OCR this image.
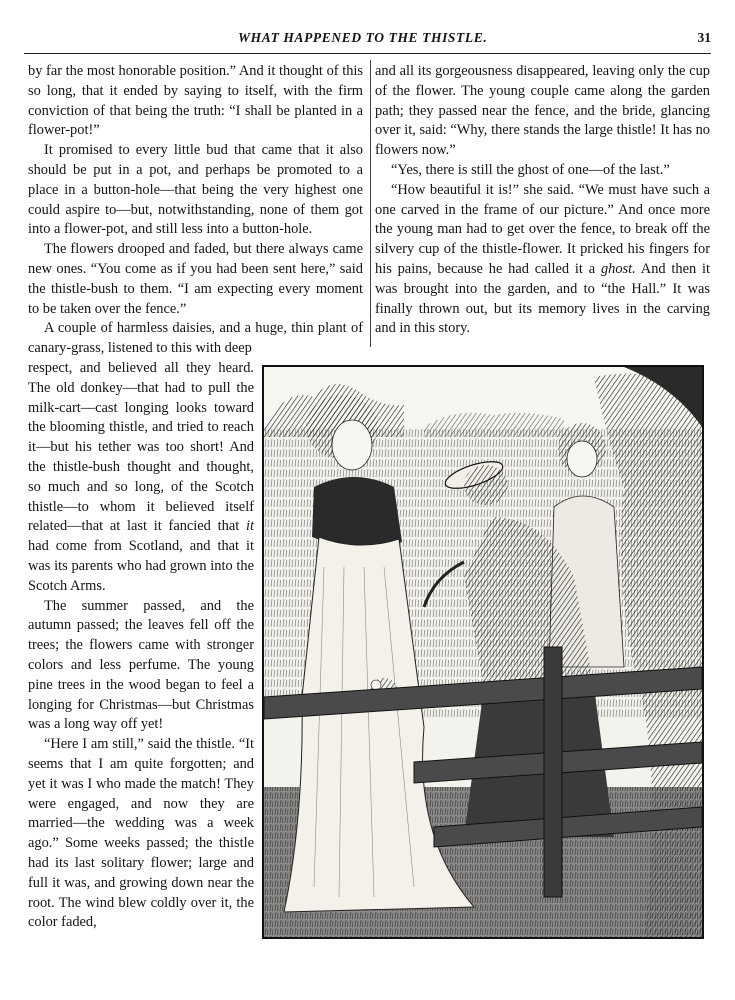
WHAT HAPPENED TO THE THISTLE.	31

by far the most honorable position.” And it thought of this so long, that it ended by saying to itself, with the firm conviction of that being the truth: “I shall be planted in a flower-pot!”

It promised to every little bud that came that it also should be put in a pot, and perhaps be promoted to a place in a button-hole—that being the very highest one could aspire to—but, notwithstanding, none of them got into a flower-pot, and still less into a button-hole.

The flowers drooped and faded, but there always came new ones. “You come as if you had been sent here,” said the thistle-bush to them. “I am expecting every moment to be taken over the fence.”

A couple of harmless daisies, and a huge, thin plant of canary-grass, listened to this with deep

respect, and believed all they heard. The old donkey—that had to pull the milk-cart—cast longing looks toward the blooming thistle, and tried to reach it—but his tether was too short! And the thistle-bush thought and thought, so much and so long, of the Scotch thistle—to whom it believed itself related—that at last it fancied that it had come from Scotland, and that it was its parents who had grown into the Scotch Arms.

The summer passed, and the autumn passed; the leaves fell off the trees; the flowers came with stronger colors and less perfume. The young pine trees in the wood began to feel a longing for Christmas—but Christmas was a long way off yet!

“Here I am still,” said the thistle. “It seems that I am quite forgotten; and yet it was I who made the match! They were engaged, and now they are married—the wedding was a week ago.” Some weeks passed; the thistle had its last solitary flower; large and full it was, and growing down near the root. The wind blew coldly over it, the color faded,

and all its gorgeousness disappeared, leaving only the cup of the flower. The young couple came along the garden path; they passed near the fence, and the bride, glancing over it, said: “Why, there stands the large thistle! It has no flowers now.”

“Yes, there is still the ghost of one—of the last.”

“How beautiful it is!” she said. “We must have such a one carved in the frame of our picture.” And once more the young man had to get over the fence, to break off the silvery cup of the thistle-flower. It pricked his fingers for his pains, because he had called it a ghost. And then it was brought into the garden, and to “the Hall.” It was finally thrown out, but its memory lives in the carving and in this story.
